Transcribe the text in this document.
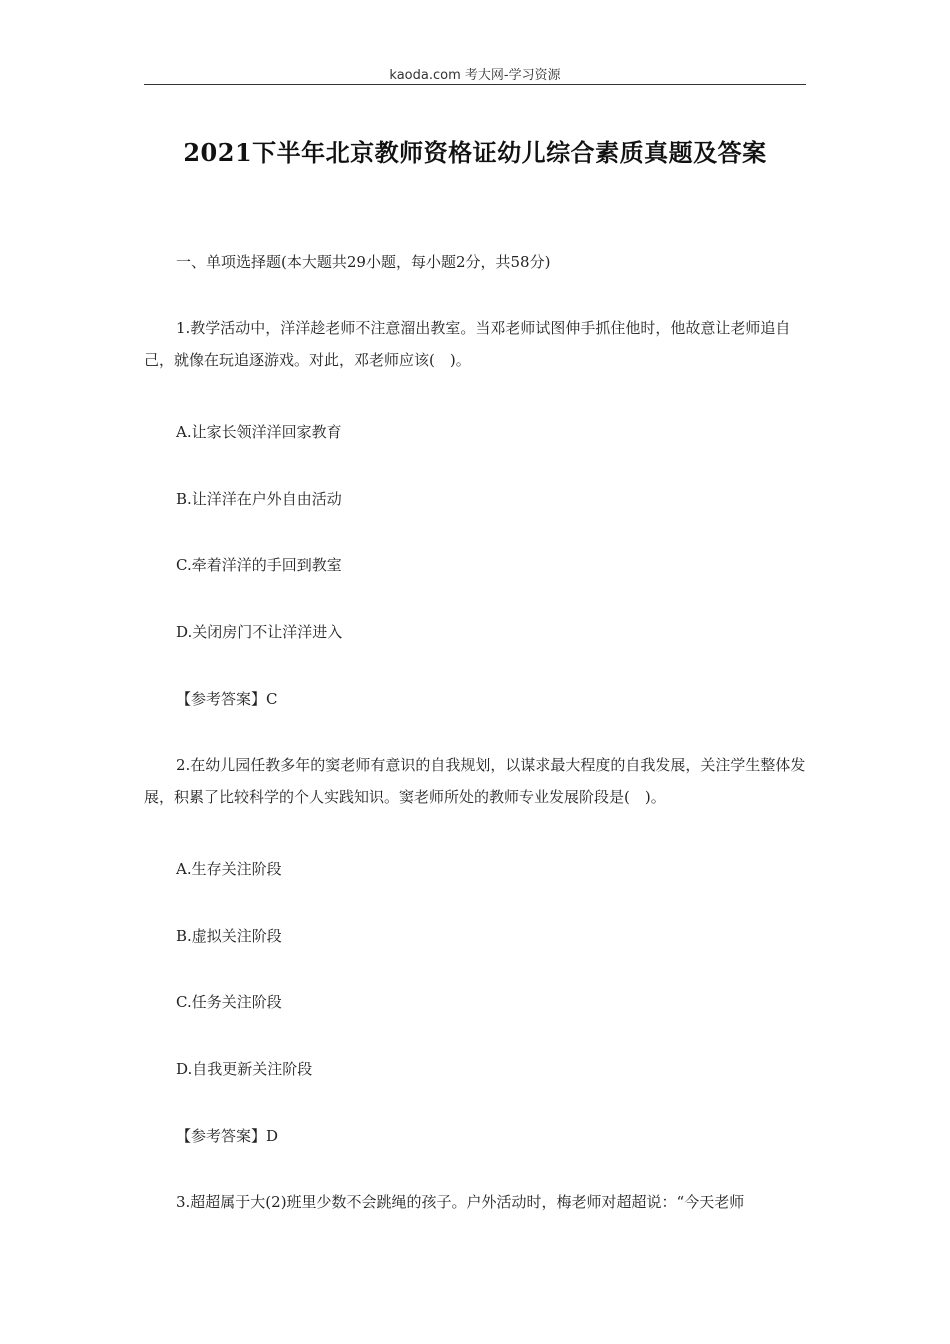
kaoda.com 考大网-学习资源
2021下半年北京教师资格证幼儿综合素质真题及答案
一、单项选择题(本大题共29小题，每小题2分，共58分)

1.教学活动中，洋洋趁老师不注意溜出教室。当邓老师试图伸手抓住他时，他故意让老师追自己，就像在玩追逐游戏。对此，邓老师应该(　)。

A.让家长领洋洋回家教育
B.让洋洋在户外自由活动
C.牵着洋洋的手回到教室
D.关闭房门不让洋洋进入
【参考答案】C

2.在幼儿园任教多年的窦老师有意识的自我规划，以谋求最大程度的自我发展，关注学生整体发展，积累了比较科学的个人实践知识。窦老师所处的教师专业发展阶段是(　)。

A.生存关注阶段
B.虚拟关注阶段
C.任务关注阶段
D.自我更新关注阶段
【参考答案】D

3.超超属于大(2)班里少数不会跳绳的孩子。户外活动时，梅老师对超超说：“今天老师
